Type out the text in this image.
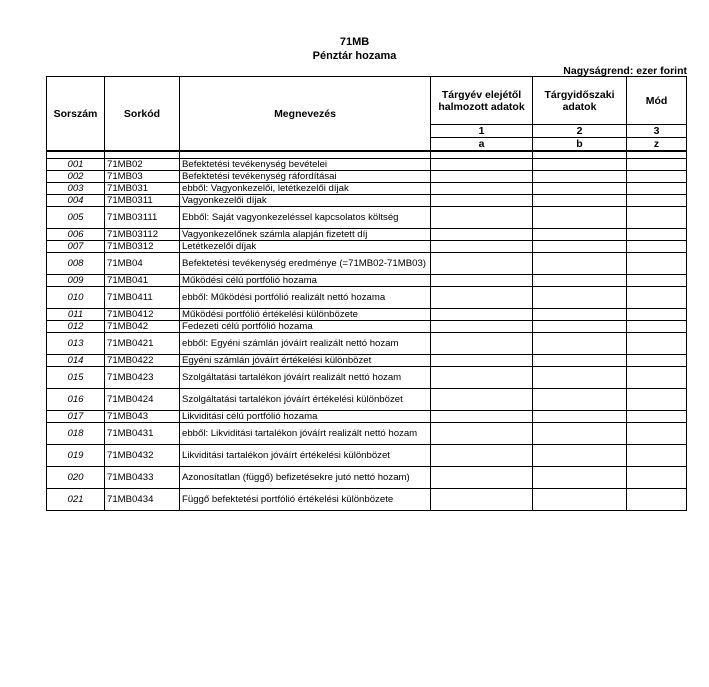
71MB
Pénztár hozama
Nagyságrend: ezer forint
Sorszám	Sorkód	Megnevezés	Tárgyév elejétől halmozott adatok	Tárgyidőszaki adatok	Mód
			1	2	3
			a	b	z

001	71MB02	Befektetési tevékenység bevételei			
002	71MB03	Befektetési tevékenység ráfordításai			
003	71MB031	ebből: Vagyonkezelői, letétkezelői díjak			
004	71MB0311	Vagyonkezelői díjak			
005	71MB03111	Ebből: Saját vagyonkezeléssel kapcsolatos költség			
006	71MB03112	Vagyonkezelőnek számla alapján fizetett díj			
007	71MB0312	Letétkezelői díjak			
008	71MB04	Befektetési tevékenység eredménye (=71MB02-71MB03)			
009	71MB041	Működési célú portfólió hozama			
010	71MB0411	ebből: Működési portfólió realizált nettó hozama			
011	71MB0412	Működési portfólió értékelési különbözete			
012	71MB042	Fedezeti célú portfólió hozama			
013	71MB0421	ebből: Egyéni számlán jóváírt realizált nettó hozam			
014	71MB0422	Egyéni számlán jóváírt értékelési különbözet			
015	71MB0423	Szolgáltatási tartalékon jóváírt realizált nettó hozam			
016	71MB0424	Szolgáltatási tartalékon jóváírt értékelési különbözet			
017	71MB043	Likviditási célú portfólió hozama			
018	71MB0431	ebből: Likviditási tartalékon jóváírt realizált nettó hozam			
019	71MB0432	Likviditási tartalékon jóváírt értékelési különbözet			
020	71MB0433	Azonosítatlan (függő) befizetésekre jutó nettó hozam)			
021	71MB0434	Függő befektetési portfólió értékelési különbözete			
